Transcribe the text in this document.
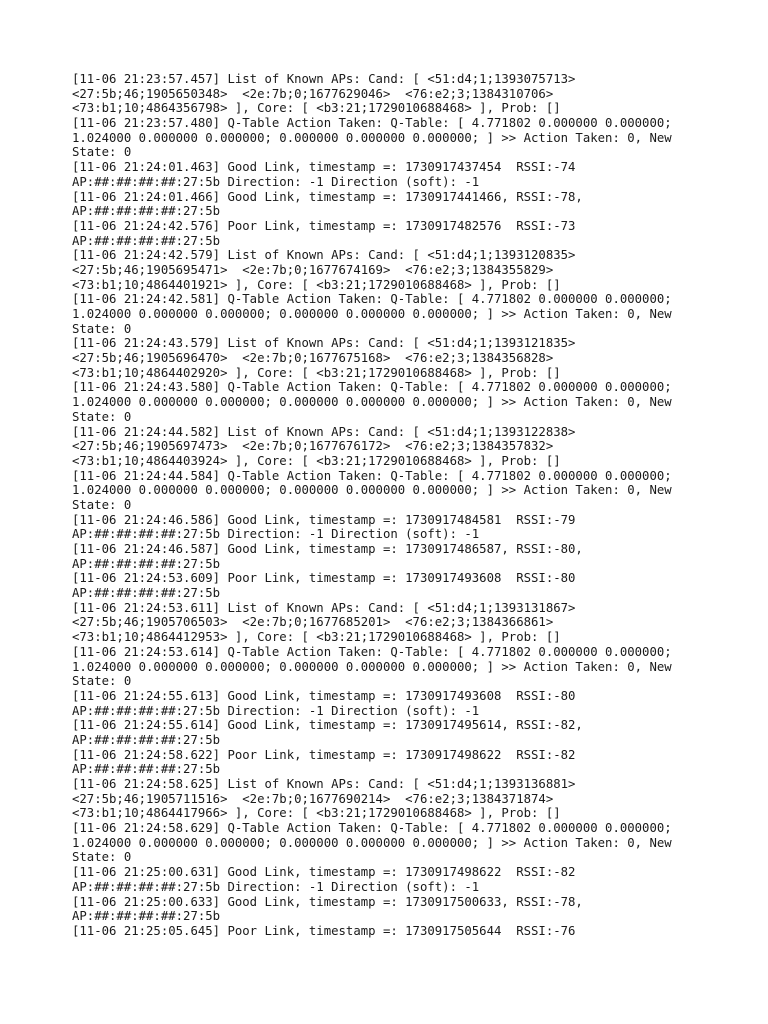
[11-06 21:23:57.457] List of Known APs: Cand: [ <51:d4;1;1393075713>
<27:5b;46;1905650348>  <2e:7b;0;1677629046>  <76:e2;3;1384310706>
<73:b1;10;4864356798> ], Core: [ <b3:21;1729010688468> ], Prob: []
[11-06 21:23:57.480] Q-Table Action Taken: Q-Table: [ 4.771802 0.000000 0.000000;
1.024000 0.000000 0.000000; 0.000000 0.000000 0.000000; ] >> Action Taken: 0, New
State: 0
[11-06 21:24:01.463] Good Link, timestamp =: 1730917437454  RSSI:-74
AP:##:##:##:##:27:5b Direction: -1 Direction (soft): -1
[11-06 21:24:01.466] Good Link, timestamp =: 1730917441466, RSSI:-78,
AP:##:##:##:##:27:5b
[11-06 21:24:42.576] Poor Link, timestamp =: 1730917482576  RSSI:-73
AP:##:##:##:##:27:5b
[11-06 21:24:42.579] List of Known APs: Cand: [ <51:d4;1;1393120835>
<27:5b;46;1905695471>  <2e:7b;0;1677674169>  <76:e2;3;1384355829>
<73:b1;10;4864401921> ], Core: [ <b3:21;1729010688468> ], Prob: []
[11-06 21:24:42.581] Q-Table Action Taken: Q-Table: [ 4.771802 0.000000 0.000000;
1.024000 0.000000 0.000000; 0.000000 0.000000 0.000000; ] >> Action Taken: 0, New
State: 0
[11-06 21:24:43.579] List of Known APs: Cand: [ <51:d4;1;1393121835>
<27:5b;46;1905696470>  <2e:7b;0;1677675168>  <76:e2;3;1384356828>
<73:b1;10;4864402920> ], Core: [ <b3:21;1729010688468> ], Prob: []
[11-06 21:24:43.580] Q-Table Action Taken: Q-Table: [ 4.771802 0.000000 0.000000;
1.024000 0.000000 0.000000; 0.000000 0.000000 0.000000; ] >> Action Taken: 0, New
State: 0
[11-06 21:24:44.582] List of Known APs: Cand: [ <51:d4;1;1393122838>
<27:5b;46;1905697473>  <2e:7b;0;1677676172>  <76:e2;3;1384357832>
<73:b1;10;4864403924> ], Core: [ <b3:21;1729010688468> ], Prob: []
[11-06 21:24:44.584] Q-Table Action Taken: Q-Table: [ 4.771802 0.000000 0.000000;
1.024000 0.000000 0.000000; 0.000000 0.000000 0.000000; ] >> Action Taken: 0, New
State: 0
[11-06 21:24:46.586] Good Link, timestamp =: 1730917484581  RSSI:-79
AP:##:##:##:##:27:5b Direction: -1 Direction (soft): -1
[11-06 21:24:46.587] Good Link, timestamp =: 1730917486587, RSSI:-80,
AP:##:##:##:##:27:5b
[11-06 21:24:53.609] Poor Link, timestamp =: 1730917493608  RSSI:-80
AP:##:##:##:##:27:5b
[11-06 21:24:53.611] List of Known APs: Cand: [ <51:d4;1;1393131867>
<27:5b;46;1905706503>  <2e:7b;0;1677685201>  <76:e2;3;1384366861>
<73:b1;10;4864412953> ], Core: [ <b3:21;1729010688468> ], Prob: []
[11-06 21:24:53.614] Q-Table Action Taken: Q-Table: [ 4.771802 0.000000 0.000000;
1.024000 0.000000 0.000000; 0.000000 0.000000 0.000000; ] >> Action Taken: 0, New
State: 0
[11-06 21:24:55.613] Good Link, timestamp =: 1730917493608  RSSI:-80
AP:##:##:##:##:27:5b Direction: -1 Direction (soft): -1
[11-06 21:24:55.614] Good Link, timestamp =: 1730917495614, RSSI:-82,
AP:##:##:##:##:27:5b
[11-06 21:24:58.622] Poor Link, timestamp =: 1730917498622  RSSI:-82
AP:##:##:##:##:27:5b
[11-06 21:24:58.625] List of Known APs: Cand: [ <51:d4;1;1393136881>
<27:5b;46;1905711516>  <2e:7b;0;1677690214>  <76:e2;3;1384371874>
<73:b1;10;4864417966> ], Core: [ <b3:21;1729010688468> ], Prob: []
[11-06 21:24:58.629] Q-Table Action Taken: Q-Table: [ 4.771802 0.000000 0.000000;
1.024000 0.000000 0.000000; 0.000000 0.000000 0.000000; ] >> Action Taken: 0, New
State: 0
[11-06 21:25:00.631] Good Link, timestamp =: 1730917498622  RSSI:-82
AP:##:##:##:##:27:5b Direction: -1 Direction (soft): -1
[11-06 21:25:00.633] Good Link, timestamp =: 1730917500633, RSSI:-78,
AP:##:##:##:##:27:5b
[11-06 21:25:05.645] Poor Link, timestamp =: 1730917505644  RSSI:-76
